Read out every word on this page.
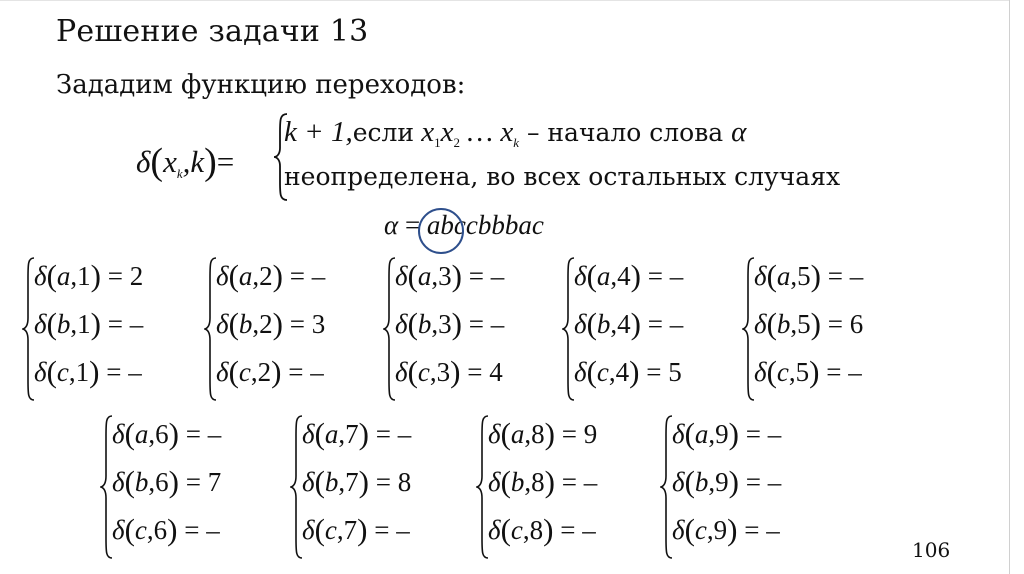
Решение задачи 13
Зададим функцию переходов:
$\delta(x_k,k)=$
k + 1,если $x_1x_2$ … $x_k$ – начало слова α
неопределена, во всех остальных случаях
α = abccbbbac
δ(a,1) = 2
δ(b,1) = –
δ(c,1) = –
δ(a,2) = –
δ(b,2) = 3
δ(c,2) = –
δ(a,3) = –
δ(b,3) = –
δ(c,3) = 4
δ(a,4) = –
δ(b,4) = –
δ(c,4) = 5
δ(a,5) = –
δ(b,5) = 6
δ(c,5) = –
δ(a,6) = –
δ(b,6) = 7
δ(c,6) = –
δ(a,7) = –
δ(b,7) = 8
δ(c,7) = –
δ(a,8) = 9
δ(b,8) = –
δ(c,8) = –
δ(a,9) = –
δ(b,9) = –
δ(c,9) = –
106
